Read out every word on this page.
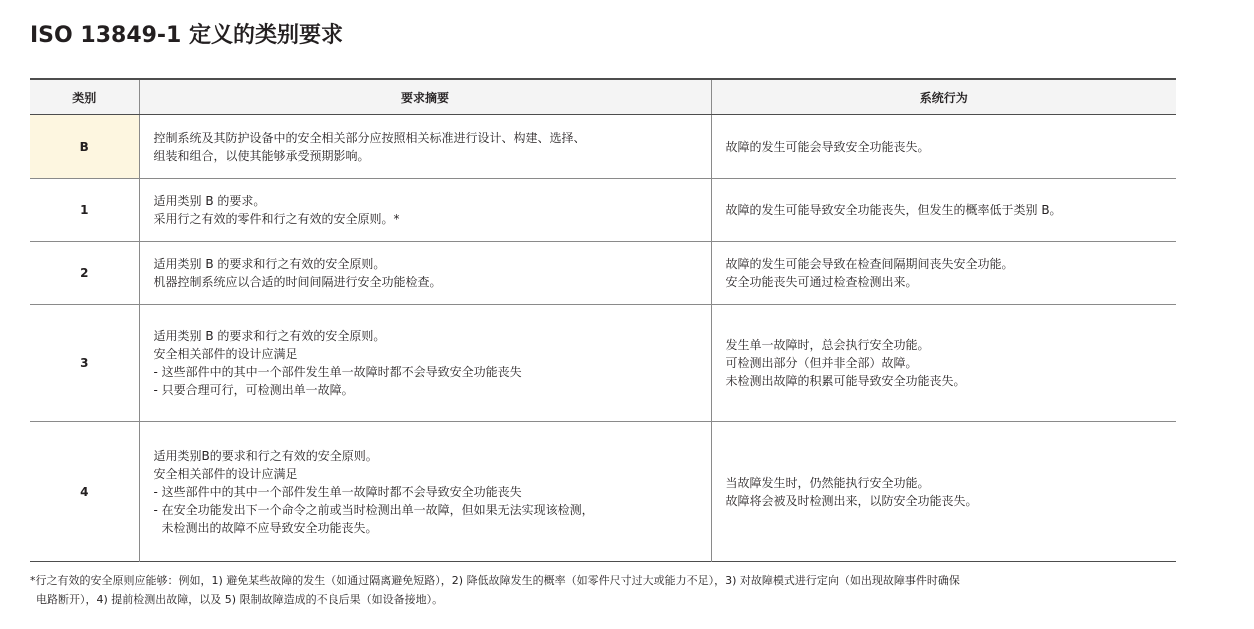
ISO 13849-1 定义的类别要求
类别	要求摘要	系统行为
B	控制系统及其防护设备中的安全相关部分应按照相关标准进行设计、构建、选择、
组装和组合，以使其能够承受预期影响。	故障的发生可能会导致安全功能丧失。

1	适用类别 B 的要求。
采用行之有效的零件和行之有效的安全原则。*	故障的发生可能导致安全功能丧失，但发生的概率低于类别 B。

2	适用类别 B 的要求和行之有效的安全原则。
机器控制系统应以合适的时间间隔进行安全功能检查。	故障的发生可能会导致在检查间隔期间丧失安全功能。
安全功能丧失可通过检查检测出来。

3	适用类别 B 的要求和行之有效的安全原则。
安全相关部件的设计应满足
- 这些部件中的其中一个部件发生单一故障时都不会导致安全功能丧失
- 只要合理可行，可检测出单一故障。	发生单一故障时，总会执行安全功能。
可检测出部分（但并非全部）故障。
未检测出故障的积累可能导致安全功能丧失。

4	适用类别B的要求和行之有效的安全原则。
安全相关部件的设计应满足
- 这些部件中的其中一个部件发生单一故障时都不会导致安全功能丧失
- 在安全功能发出下一个命令之前或当时检测出单一故障，但如果无法实现该检测，
未检测出的故障不应导致安全功能丧失。	当故障发生时，仍然能执行安全功能。
故障将会被及时检测出来，以防安全功能丧失。
*行之有效的安全原则应能够：例如，1) 避免某些故障的发生（如通过隔离避免短路），2) 降低故障发生的概率（如零件尺寸过大或能力不足），3) 对故障模式进行定向（如出现故障事件时确保
电路断开），4) 提前检测出故障，以及 5) 限制故障造成的不良后果（如设备接地）。
